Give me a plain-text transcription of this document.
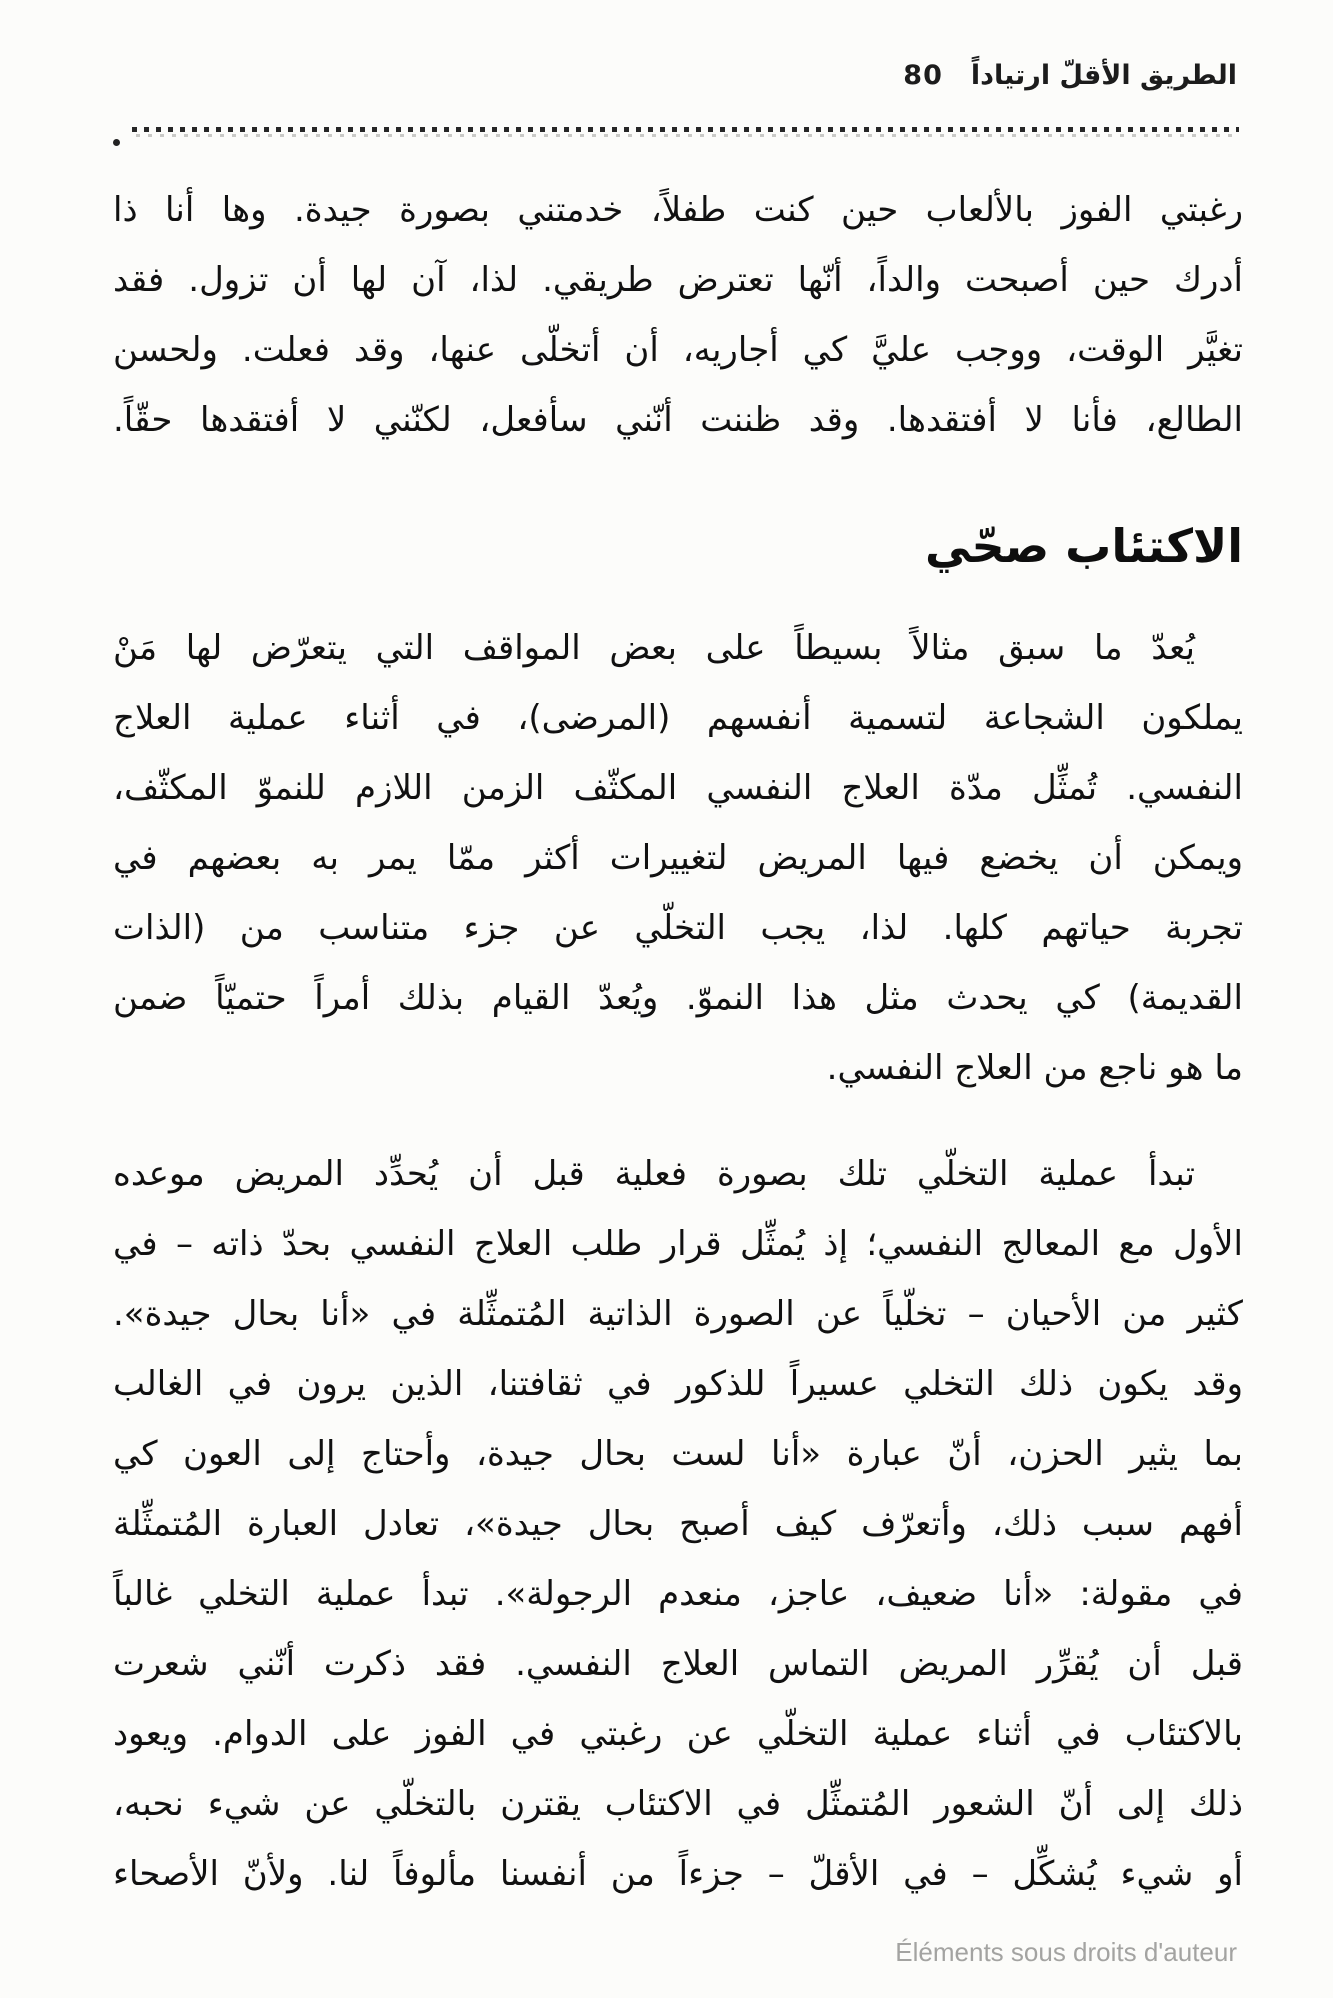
الطريق الأقلّ ارتياداً
80
رغبتي الفوز بالألعاب حين كنت طفلاً، خدمتني بصورة جيدة. وها أنا ذا
أدرك حين أصبحت والداً، أنّها تعترض طريقي. لذا، آن لها أن تزول. فقد
تغيَّر الوقت، ووجب عليَّ كي أجاريه، أن أتخلّى عنها، وقد فعلت. ولحسن
الطالع، فأنا لا أفتقدها. وقد ظننت أنّني سأفعل، لكنّني لا أفتقدها حقّاً.
الاكتئاب صحّي
يُعدّ ما سبق مثالاً بسيطاً على بعض المواقف التي يتعرّض لها مَنْ
يملكون الشجاعة لتسمية أنفسهم (المرضى)، في أثناء عملية العلاج
النفسي. تُمثِّل مدّة العلاج النفسي المكثّف الزمن اللازم للنموّ المكثّف،
ويمكن أن يخضع فيها المريض لتغييرات أكثر ممّا يمر به بعضهم في
تجربة حياتهم كلها. لذا، يجب التخلّي عن جزء متناسب من (الذات
القديمة) كي يحدث مثل هذا النموّ. ويُعدّ القيام بذلك أمراً حتميّاً ضمن
ما هو ناجع من العلاج النفسي.
تبدأ عملية التخلّي تلك بصورة فعلية قبل أن يُحدِّد المريض موعده
الأول مع المعالج النفسي؛ إذ يُمثِّل قرار طلب العلاج النفسي بحدّ ذاته – في
كثير من الأحيان – تخلّياً عن الصورة الذاتية المُتمثِّلة في «أنا بحال جيدة».
وقد يكون ذلك التخلي عسيراً للذكور في ثقافتنا، الذين يرون في الغالب
بما يثير الحزن، أنّ عبارة «أنا لست بحال جيدة، وأحتاج إلى العون كي
أفهم سبب ذلك، وأتعرّف كيف أصبح بحال جيدة»، تعادل العبارة المُتمثِّلة
في مقولة: «أنا ضعيف، عاجز، منعدم الرجولة». تبدأ عملية التخلي غالباً
قبل أن يُقرِّر المريض التماس العلاج النفسي. فقد ذكرت أنّني شعرت
بالاكتئاب في أثناء عملية التخلّي عن رغبتي في الفوز على الدوام. ويعود
ذلك إلى أنّ الشعور المُتمثِّل في الاكتئاب يقترن بالتخلّي عن شيء نحبه،
أو شيء يُشكِّل – في الأقلّ – جزءاً من أنفسنا مألوفاً لنا. ولأنّ الأصحاء
Éléments sous droits d'auteur
